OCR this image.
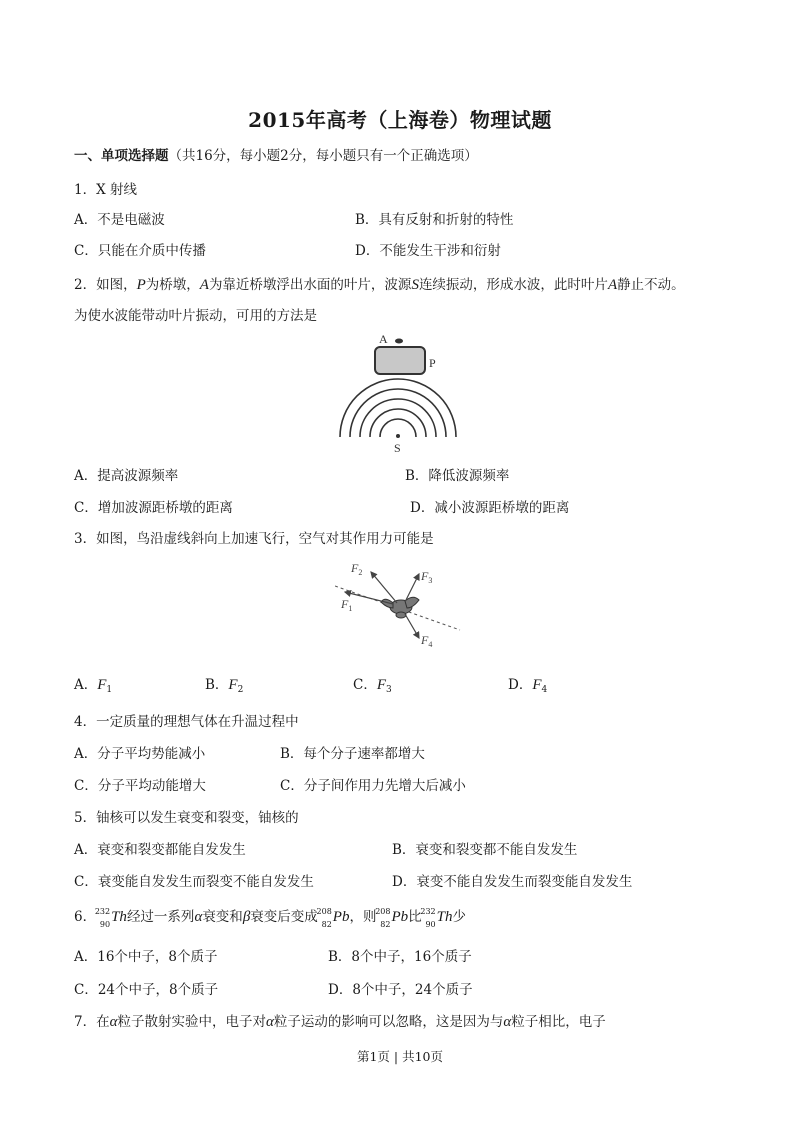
2015年高考（上海卷）物理试题
一、单项选择题（共16分，每小题2分，每小题只有一个正确选项）
1．X 射线
A．不是电磁波	B．具有反射和折射的特性
C．只能在介质中传播	D．不能发生干涉和衍射
2．如图，P为桥墩，A为靠近桥墩浮出水面的叶片，波源S连续振动，形成水波，此时叶片A静止不动。
为使水波能带动叶片振动，可用的方法是
A
P
S
A．提高波源频率	B．降低波源频率
C．增加波源距桥墩的距离	D．减小波源距桥墩的距离
3．如图，鸟沿虚线斜向上加速飞行，空气对其作用力可能是
$F_2$	$F_3$
$F_1$
$F_4$
A．$F_1$	B．$F_2$	C．$F_3$	D．$F_4$
4．一定质量的理想气体在升温过程中
A．分子平均势能减小	B．每个分子速率都增大
C．分子平均动能增大	C．分子间作用力先增大后减小
5．铀核可以发生衰变和裂变，铀核的
A．衰变和裂变都能自发发生	B．衰变和裂变都不能自发发生
C．衰变能自发发生而裂变不能自发发生	D．衰变不能自发发生而裂变能自发发生
6．
232
90 Th经过一系列α衰变和β衰变后变成
208
82 Pb，则
208
82 Pb比
232
90 Th少
A．16个中子，8个质子	B．8个中子，16个质子
C．24个中子，8个质子	D．8个中子，24个质子
7．在α粒子散射实验中，电子对α粒子运动的影响可以忽略，这是因为与α粒子相比，电子
第1页 | 共10页
